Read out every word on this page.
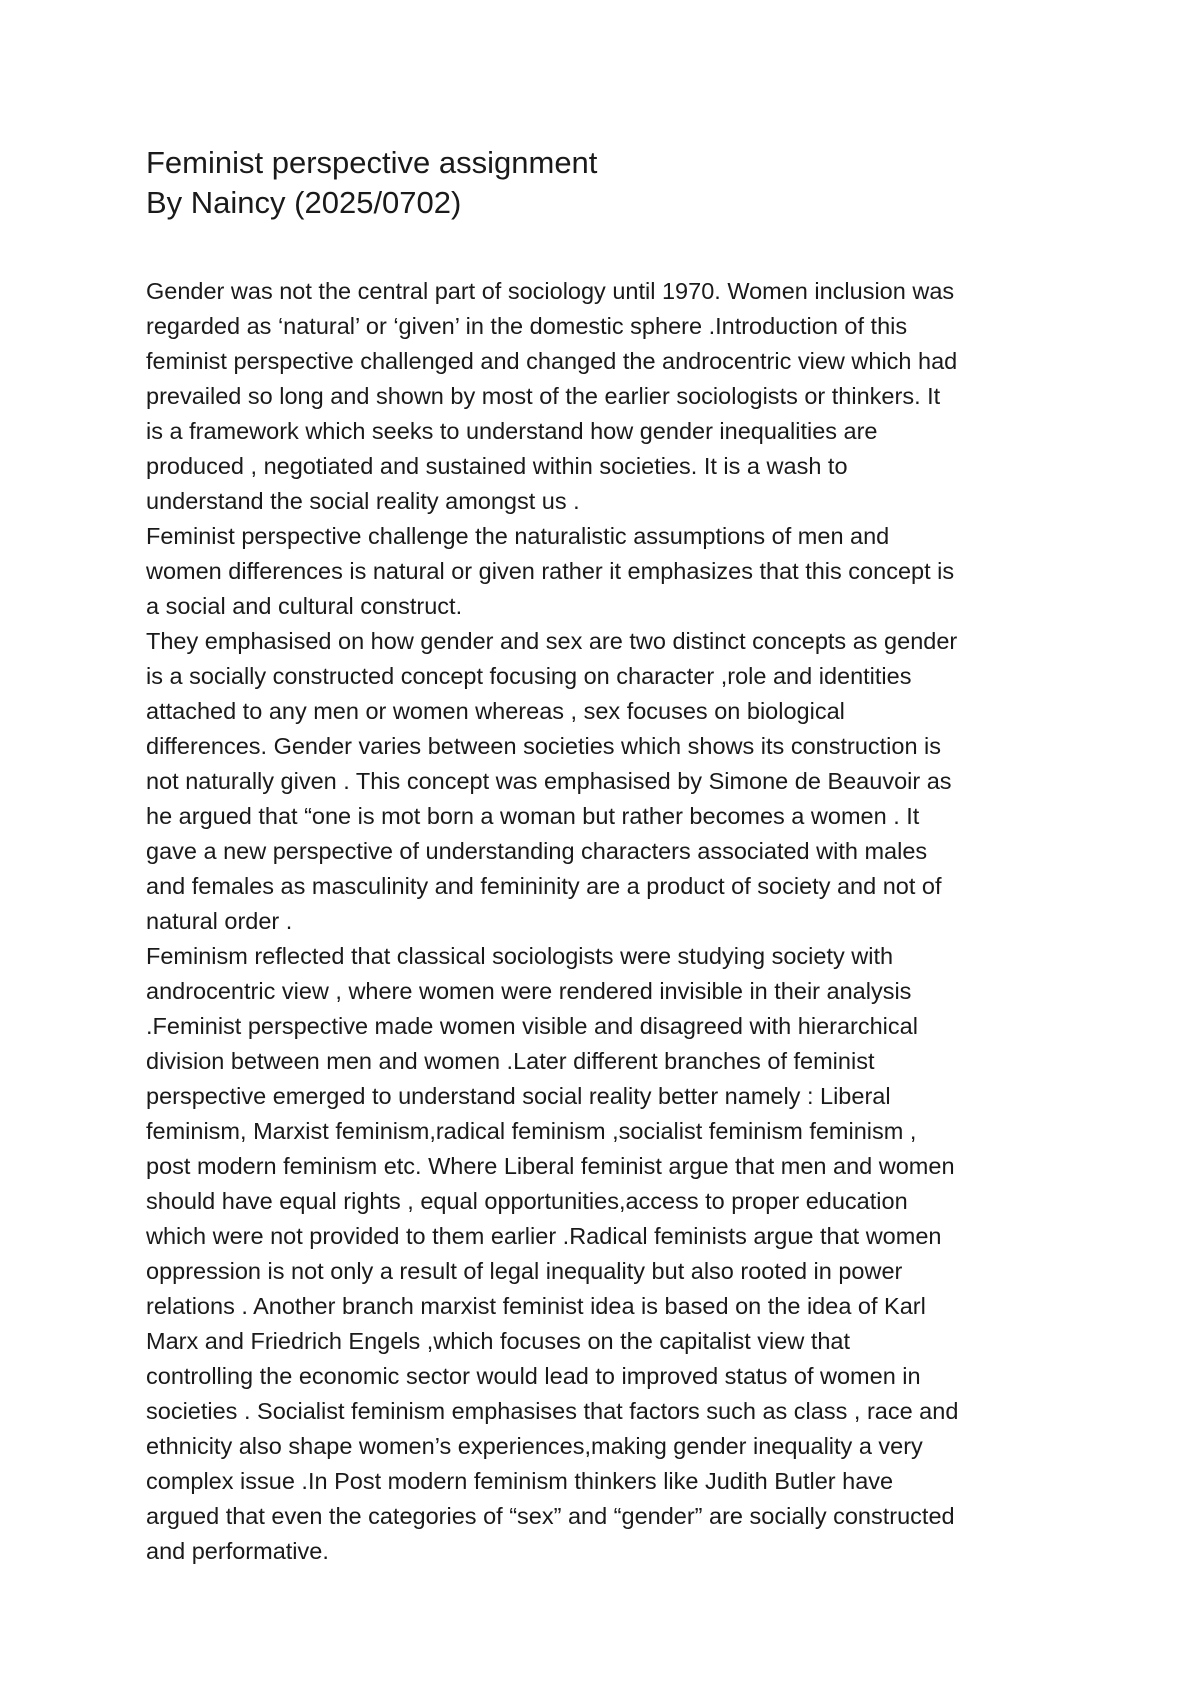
Feminist perspective assignment

By Naincy (2025/0702)

Gender was not the central part of sociology until 1970. Women inclusion was

regarded as ‘natural’ or ‘given’ in the domestic sphere .Introduction of this

feminist perspective challenged and changed the androcentric view which had

prevailed so long and shown by most of the earlier sociologists or thinkers. It

is a framework which seeks to understand how gender inequalities are

produced , negotiated and sustained within societies. It is a wash to

understand the social reality amongst us .

Feminist perspective challenge the naturalistic assumptions of men and

women differences is natural or given rather it emphasizes that this concept is

a social and cultural construct.

They emphasised on how gender and sex are two distinct concepts as gender

is a socially constructed concept focusing on character ,role and identities

attached to any men or women whereas , sex focuses on biological

differences. Gender varies between societies which shows its construction is

not naturally given . This concept was emphasised by Simone de Beauvoir as

he argued that “one is mot born a woman but rather becomes a women . It

gave a new perspective of understanding characters associated with males

and females as masculinity and femininity are a product of society and not of

natural order .

Feminism reflected that classical sociologists were studying society with

androcentric view , where women were rendered invisible in their analysis

.Feminist perspective made women visible and disagreed with hierarchical

division between men and women .Later different branches of feminist

perspective emerged to understand social reality better namely : Liberal

feminism, Marxist feminism,radical feminism ,socialist feminism feminism ,

post modern feminism etc. Where Liberal feminist argue that men and women

should have equal rights , equal opportunities,access to proper education

which were not provided to them earlier .Radical feminists argue that women

oppression is not only a result of legal inequality but also rooted in power

relations . Another branch marxist feminist idea is based on the idea of Karl

Marx and Friedrich Engels ,which focuses on the capitalist view that

controlling the economic sector would lead to improved status of women in

societies . Socialist feminism emphasises that factors such as class , race and

ethnicity also shape women’s experiences,making gender inequality a very

complex issue .In Post modern feminism thinkers like Judith Butler have

argued that even the categories of “sex” and “gender” are socially constructed

and performative.
